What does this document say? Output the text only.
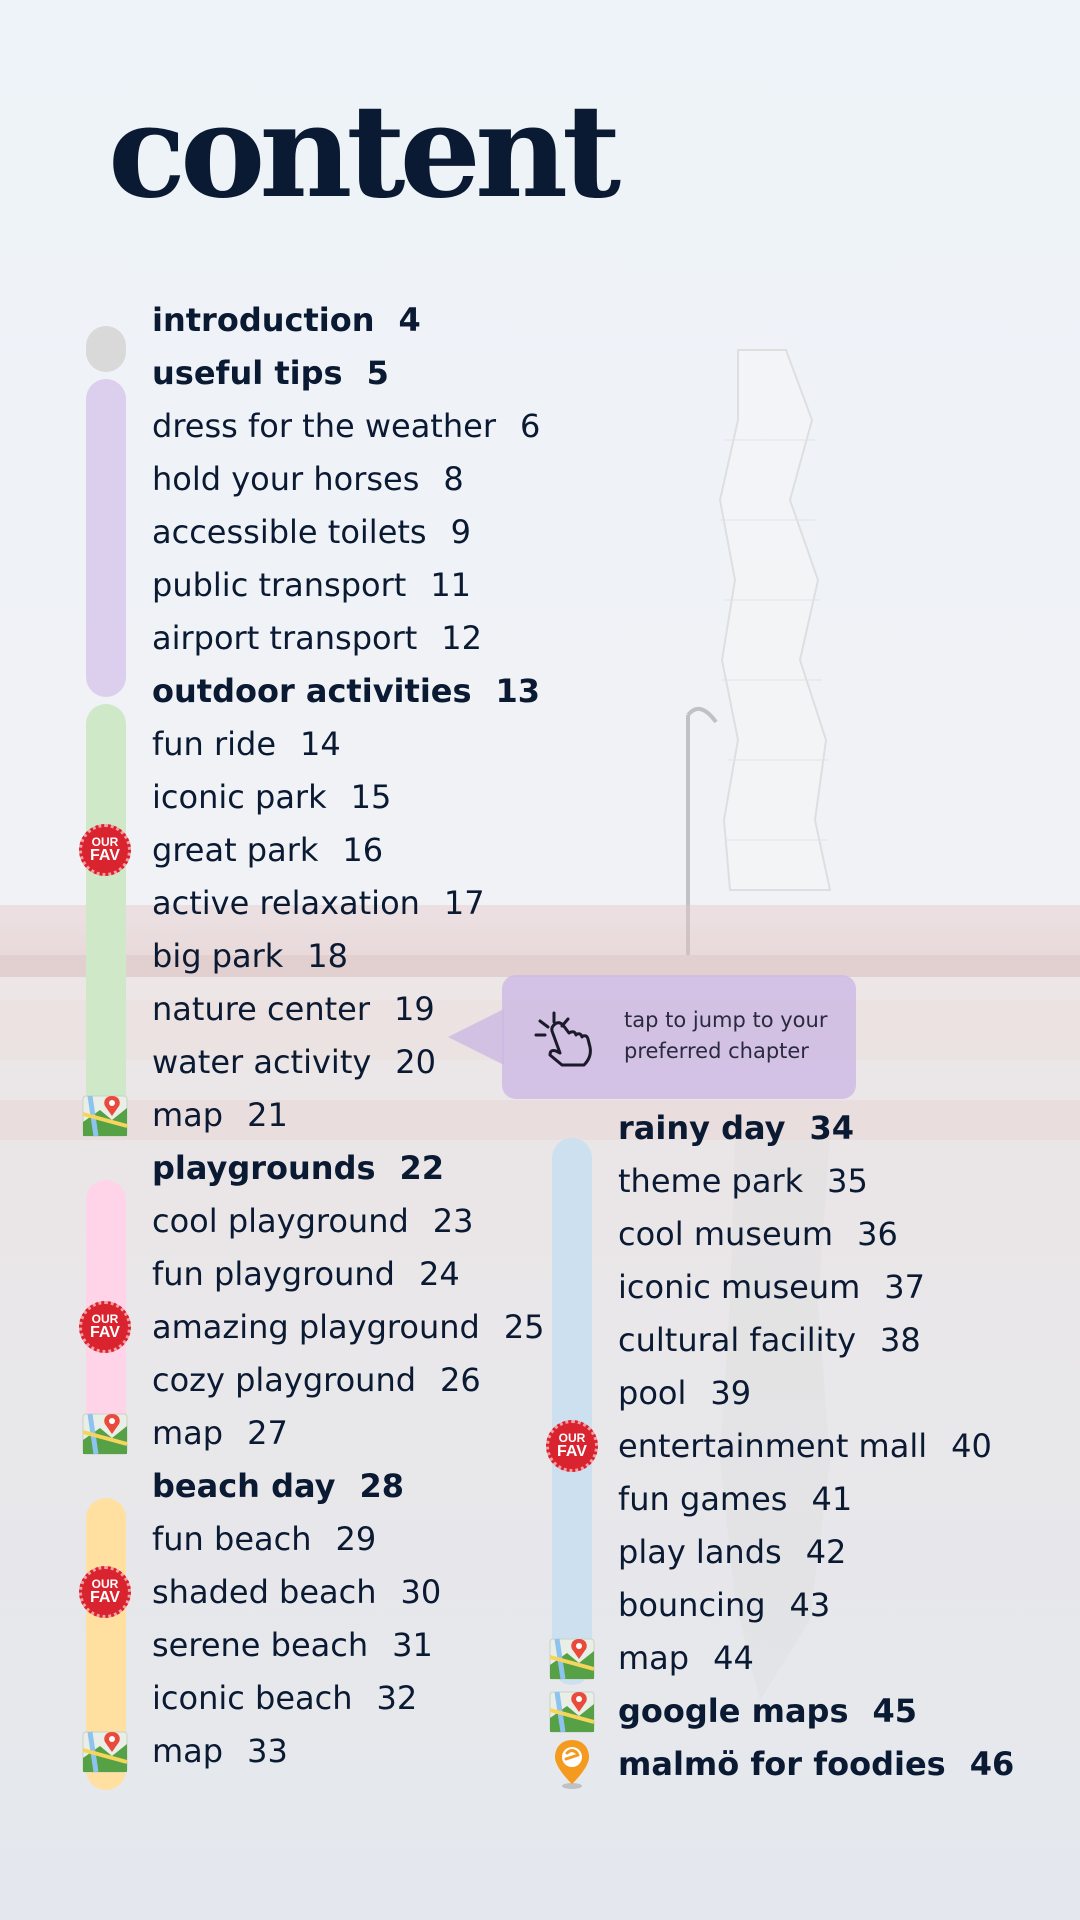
content
introduction 4
useful tips 5
dress for the weather 6
hold your horses 8
accessible toilets 9
public transport 11
airport transport 12
outdoor activities 13
fun ride 14
iconic park 15
great park 16
OUR
FAV
active relaxation 17
big park 18
nature center 19
water activity 20
map 21
playgrounds 22
cool playground 23
fun playground 24
amazing playground 25
OUR
FAV
cozy playground 26
map 27
beach day 28
fun beach 29
shaded beach 30
OUR
FAV
serene beach 31
iconic beach 32
map 33
rainy day 34
theme park 35
cool museum 36
iconic museum 37
cultural facility 38
pool 39
entertainment mall 40
OUR
FAV
fun games 41
play lands 42
bouncing 43
map 44
google maps 45
malmö for foodies 46
tap to jump to your preferred chapter
